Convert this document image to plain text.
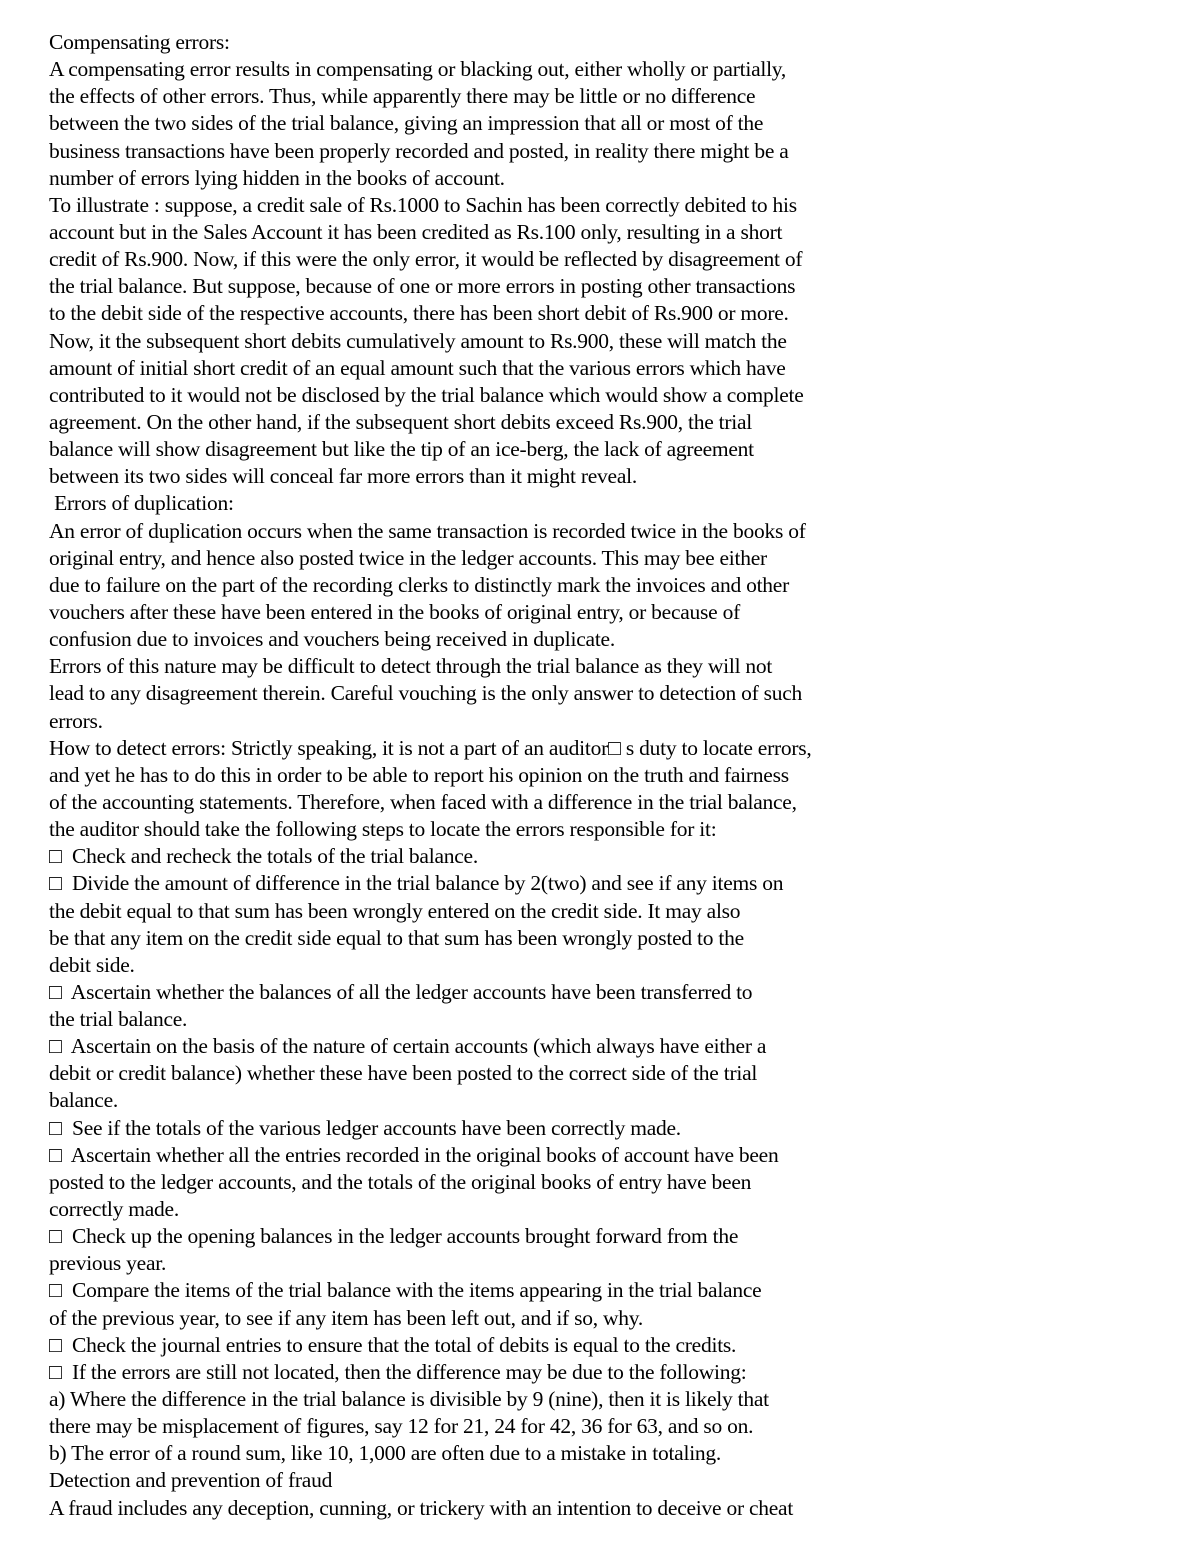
Compensating errors:
A compensating error results in compensating or blacking out, either wholly or partially,
the effects of other errors. Thus, while apparently there may be little or no difference
between the two sides of the trial balance, giving an impression that all or most of the
business transactions have been properly recorded and posted, in reality there might be a
number of errors lying hidden in the books of account.
To illustrate : suppose, a credit sale of Rs.1000 to Sachin has been correctly debited to his
account but in the Sales Account it has been credited as Rs.100 only, resulting in a short
credit of Rs.900. Now, if this were the only error, it would be reflected by disagreement of
the trial balance. But suppose, because of one or more errors in posting other transactions
to the debit side of the respective accounts, there has been short debit of Rs.900 or more.
Now, it the subsequent short debits cumulatively amount to Rs.900, these will match the
amount of initial short credit of an equal amount such that the various errors which have
contributed to it would not be disclosed by the trial balance which would show a complete
agreement. On the other hand, if the subsequent short debits exceed Rs.900, the trial
balance will show disagreement but like the tip of an ice-berg, the lack of agreement
between its two sides will conceal far more errors than it might reveal.
Errors of duplication:
An error of duplication occurs when the same transaction is recorded twice in the books of
original entry, and hence also posted twice in the ledger accounts. This may bee either
due to failure on the part of the recording clerks to distinctly mark the invoices and other
vouchers after these have been entered in the books of original entry, or because of
confusion due to invoices and vouchers being received in duplicate.
Errors of this nature may be difficult to detect through the trial balance as they will not
lead to any disagreement therein. Careful vouching is the only answer to detection of such
errors.
How to detect errors: Strictly speaking, it is not a part of an auditor□ s duty to locate errors,
and yet he has to do this in order to be able to report his opinion on the truth and fairness
of the accounting statements. Therefore, when faced with a difference in the trial balance,
the auditor should take the following steps to locate the errors responsible for it:
□  Check and recheck the totals of the trial balance.
□  Divide the amount of difference in the trial balance by 2(two) and see if any items on
the debit equal to that sum has been wrongly entered on the credit side. It may also
be that any item on the credit side equal to that sum has been wrongly posted to the
debit side.
□  Ascertain whether the balances of all the ledger accounts have been transferred to
the trial balance.
□  Ascertain on the basis of the nature of certain accounts (which always have either a
debit or credit balance) whether these have been posted to the correct side of the trial
balance.
□  See if the totals of the various ledger accounts have been correctly made.
□  Ascertain whether all the entries recorded in the original books of account have been
posted to the ledger accounts, and the totals of the original books of entry have been
correctly made.
□  Check up the opening balances in the ledger accounts brought forward from the
previous year.
□  Compare the items of the trial balance with the items appearing in the trial balance
of the previous year, to see if any item has been left out, and if so, why.
□  Check the journal entries to ensure that the total of debits is equal to the credits.
□  If the errors are still not located, then the difference may be due to the following:
a) Where the difference in the trial balance is divisible by 9 (nine), then it is likely that
there may be misplacement of figures, say 12 for 21, 24 for 42, 36 for 63, and so on.
b) The error of a round sum, like 10, 1,000 are often due to a mistake in totaling.
Detection and prevention of fraud
A fraud includes any deception, cunning, or trickery with an intention to deceive or cheat
